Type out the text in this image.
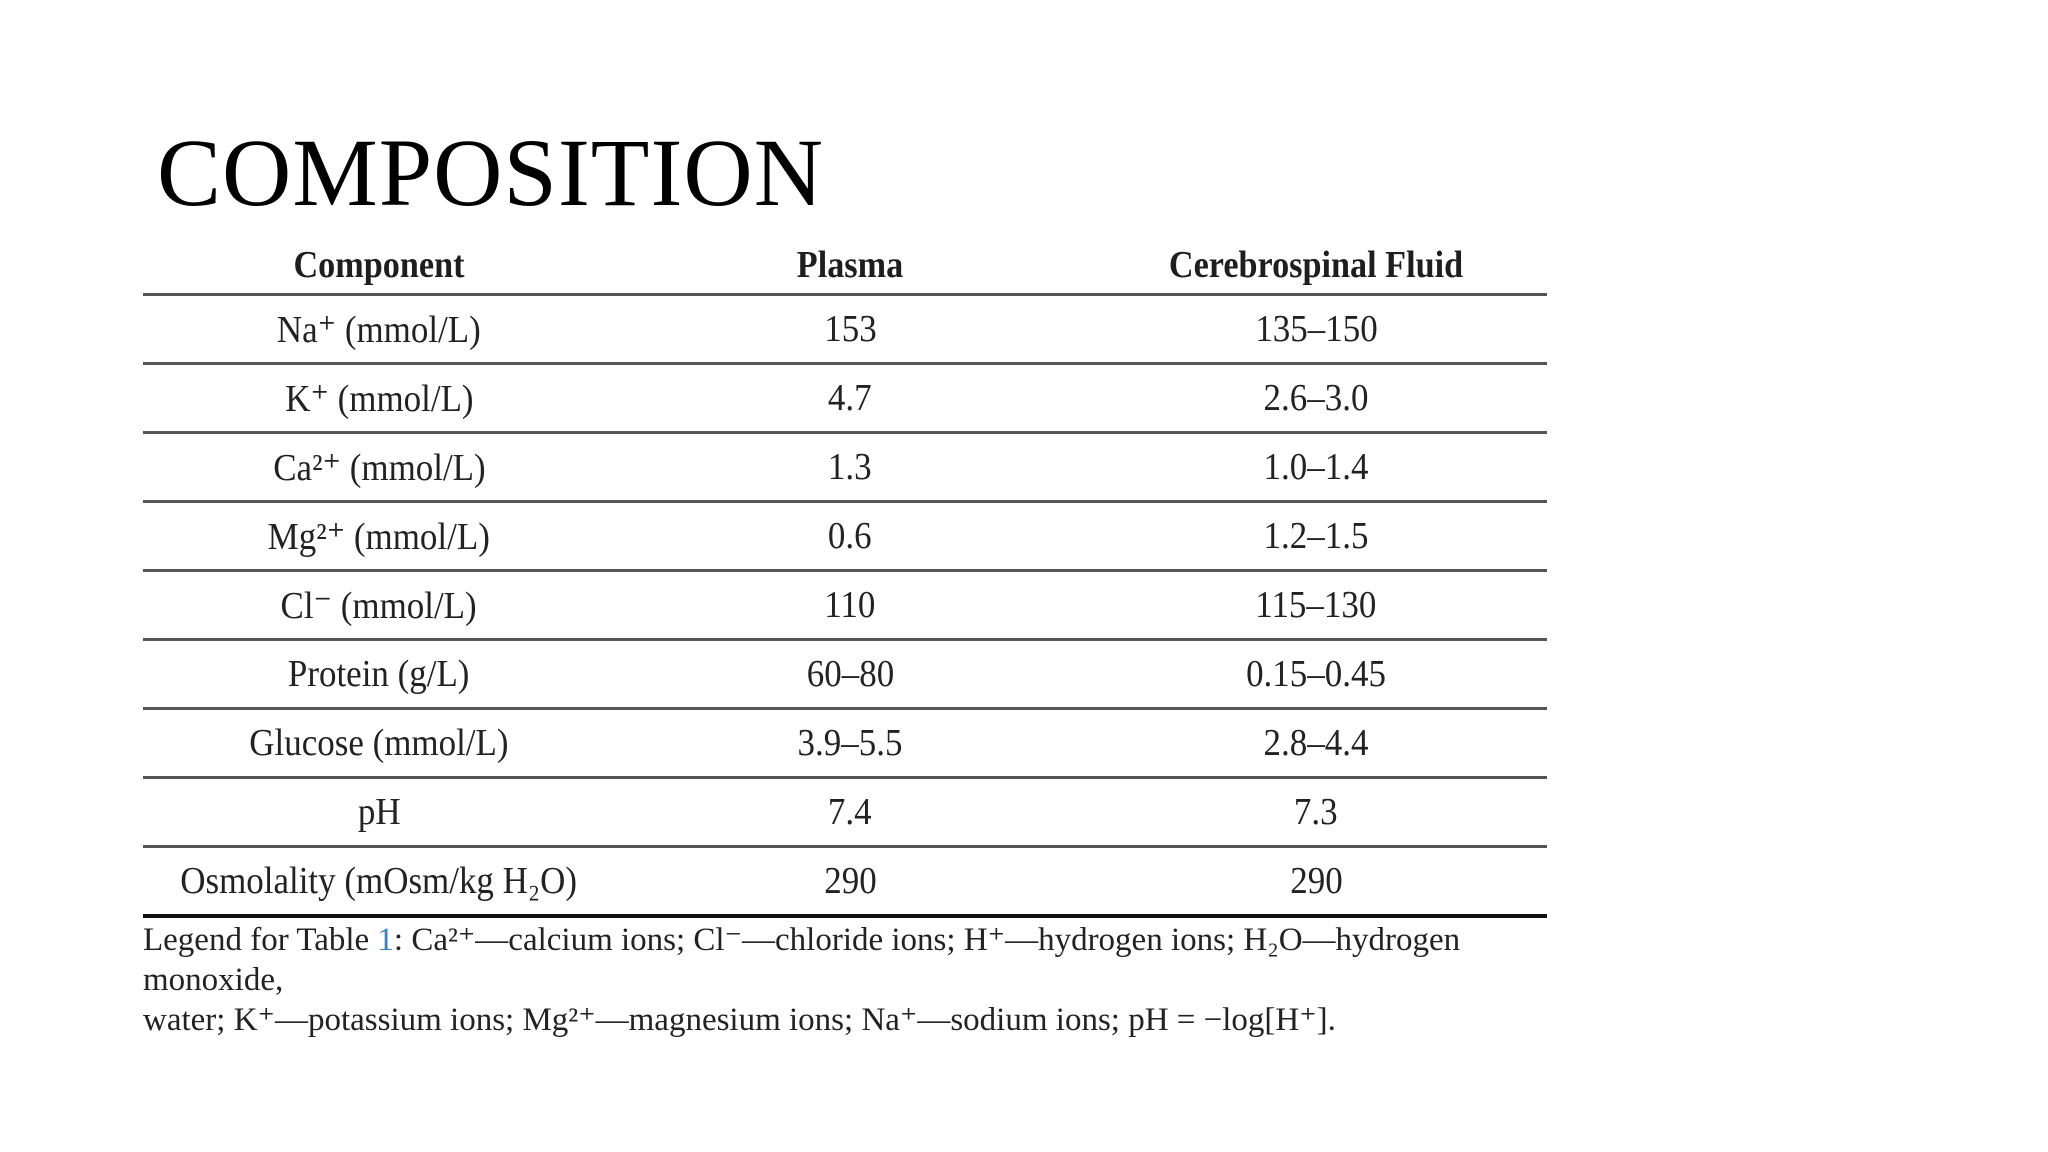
COMPOSITION
Component	Plasma	Cerebrospinal Fluid
Na⁺ (mmol/L)	153	135–150
K⁺ (mmol/L)	4.7	2.6–3.0
Ca²⁺ (mmol/L)	1.3	1.0–1.4
Mg²⁺ (mmol/L)	0.6	1.2–1.5
Cl⁻ (mmol/L)	110	115–130
Protein (g/L)	60–80	0.15–0.45
Glucose (mmol/L)	3.9–5.5	2.8–4.4
pH	7.4	7.3
Osmolality (mOsm/kg H₂O)	290	290

Legend for Table 1: Ca²⁺—calcium ions; Cl⁻—chloride ions; H⁺—hydrogen ions; H₂O—hydrogen monoxide,
water; K⁺—potassium ions; Mg²⁺—magnesium ions; Na⁺—sodium ions; pH = −log[H⁺].
